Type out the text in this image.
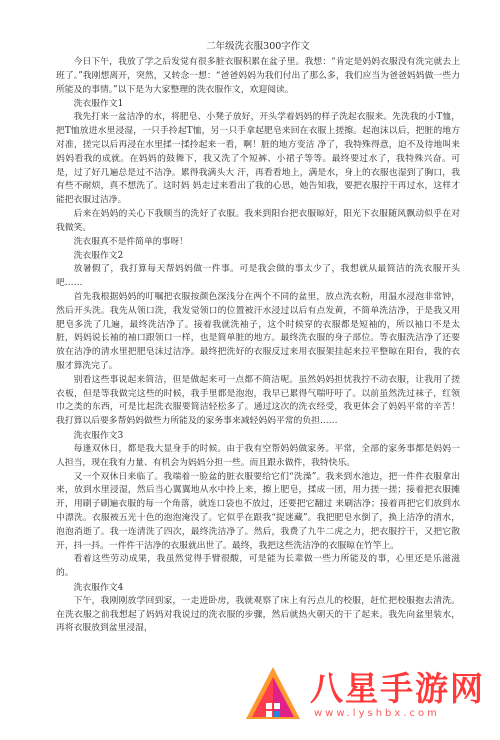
二年级洗衣服300字作文
今日下午，我放了学之后发觉有很多脏衣服积累在盆子里。我想：“肯定是妈妈衣服没有洗完就去上班了。”我刚想离开，突然，又转念一想：“爸爸妈妈为我们付出了那么多，我们应当为爸爸妈妈做一些力所能及的事情。”以下是为大家整理的洗衣服作文，欢迎阅读。
洗衣服作文1
我先打来一盆洁净的水，将肥皂、小凳子放好，开头学着妈妈的样子洗起衣服来。先洗我的小T恤，把T恤放进水里浸湿，一只手拎起T恤，另一只手拿起肥皂来回在衣服上搓擦。起泡沫以后，把脏的地方对准，搓完以后再浸在水里揉一揉拎起来一看，啊！脏的地方变洁 净了，我特殊得意，迫不及待地叫来妈妈看我的成就。在妈妈的鼓舞下，我又洗了个短裤、小裙子等等。最终要过水了，我特殊兴奋。可是，过了好几遍总是过不洁净。累得我满头大 汗，再看看地上，满是水，身上的衣服也湿到了胸口，我有些不耐烦，真不想洗了。这时妈 妈走过来看出了我的心思，她告知我，要把衣服拧干再过水，这样才能把衣服过洁净。
后来在妈妈的关心下我顺当的洗好了衣服。我来到阳台把衣服晾好，阳光下衣服随风飘动似乎在对我微笑。
洗衣服真不是件简单的事呀！
洗衣服作文2
放暑假了，我打算每天帮妈妈做一件事。可是我会做的事太少了，我想就从最简洁的洗衣服开头吧……
首先我根据妈妈的叮嘱把衣服按颜色深浅分在两个不同的盆里，放点洗衣粉，用温水浸泡非常钟，然后开头洗。我先从领口洗，我发觉领口的位置被汗水浸过以后有点发黄，不简单洗洁净，于是我又用肥皂多洗了几遍，最终洗洁净了。接着我就洗袖子，这个时候穿的衣服都是短袖的，所以袖口不是太脏，妈妈说长袖的袖口跟领口一样，也是简单脏的地方。最终洗衣服的身子部位。等衣服洗洁净了还要放在洁净的清水里把肥皂沫过洁净。最终把洗好的衣服反过来用衣服架挂起来拉平整晾在阳台，我的衣服才算洗完了。
别看这些事说起来简洁，但是做起来可一点都不简洁呢。虽然妈妈担忧我拧不动衣服，让我用了搓衣板，但是等我做完这些的时候，我手里都是泡泡，我早已累得气喘吁吁了。以前虽然洗过袜子，红领巾之类的东西，可是比起洗衣服要简洁轻松多了。通过这次的洗衣经受，我更体会了妈妈平常的辛苦！我打算以后要多帮妈妈做些力所能及的家务事来减轻妈妈平常的负担……
洗衣服作文3
每逢双休日，都是我大显身手的时候。由于我有空帮妈妈做家务。平常，全部的家务事都是妈妈一人担当，现在我有力量、有机会为妈妈分担一些。而且跟永做件，我特快乐。
又一个双休日来临了。我端着一脸盆的脏衣服要给它们“洗澡”。我来到水池边，把一件件衣服拿出来，放到水里浸湿，然后当心翼翼地从水中拎上来，擦上肥皂，揉成一团，用力搓一搓；接着把衣服摊开，用刷子刷遍衣服的每一个角落，就连口袋也不放过，还要把它翻过 来刷洁净；接着再把它们放到水中漂洗。衣服被五光十色的泡泡淹没了。它似乎在跟我“捉迷藏”。我把肥皂水倒了，换上洁净的清水，泡泡消逝了。我一连清洗了四次，最终洗洁净了。然后，我费了九牛二虎之力，把衣服拧干，又把它散开，抖一抖。一件件干洁净的衣服就出世了。最终，我把这些洗洁净的衣服晾在竹竿上。
看着这些劳动成果，我虽然觉得手臂很酸，可是能为长辈做一些力所能及的事，心里还是乐滋滋的。
洗衣服作文4
下午，我刚刚放学回到家，一走进卧房，我就观察了床上有污点儿的校服，赶忙把校服抱去清洗。在洗衣服之前我想起了妈妈对我说过的洗衣服的步骤，然后就热火朝天的干了起来。我先向盆里装水，再将衣服放到盆里浸湿，
八星手游网
www.lyshbx.com
